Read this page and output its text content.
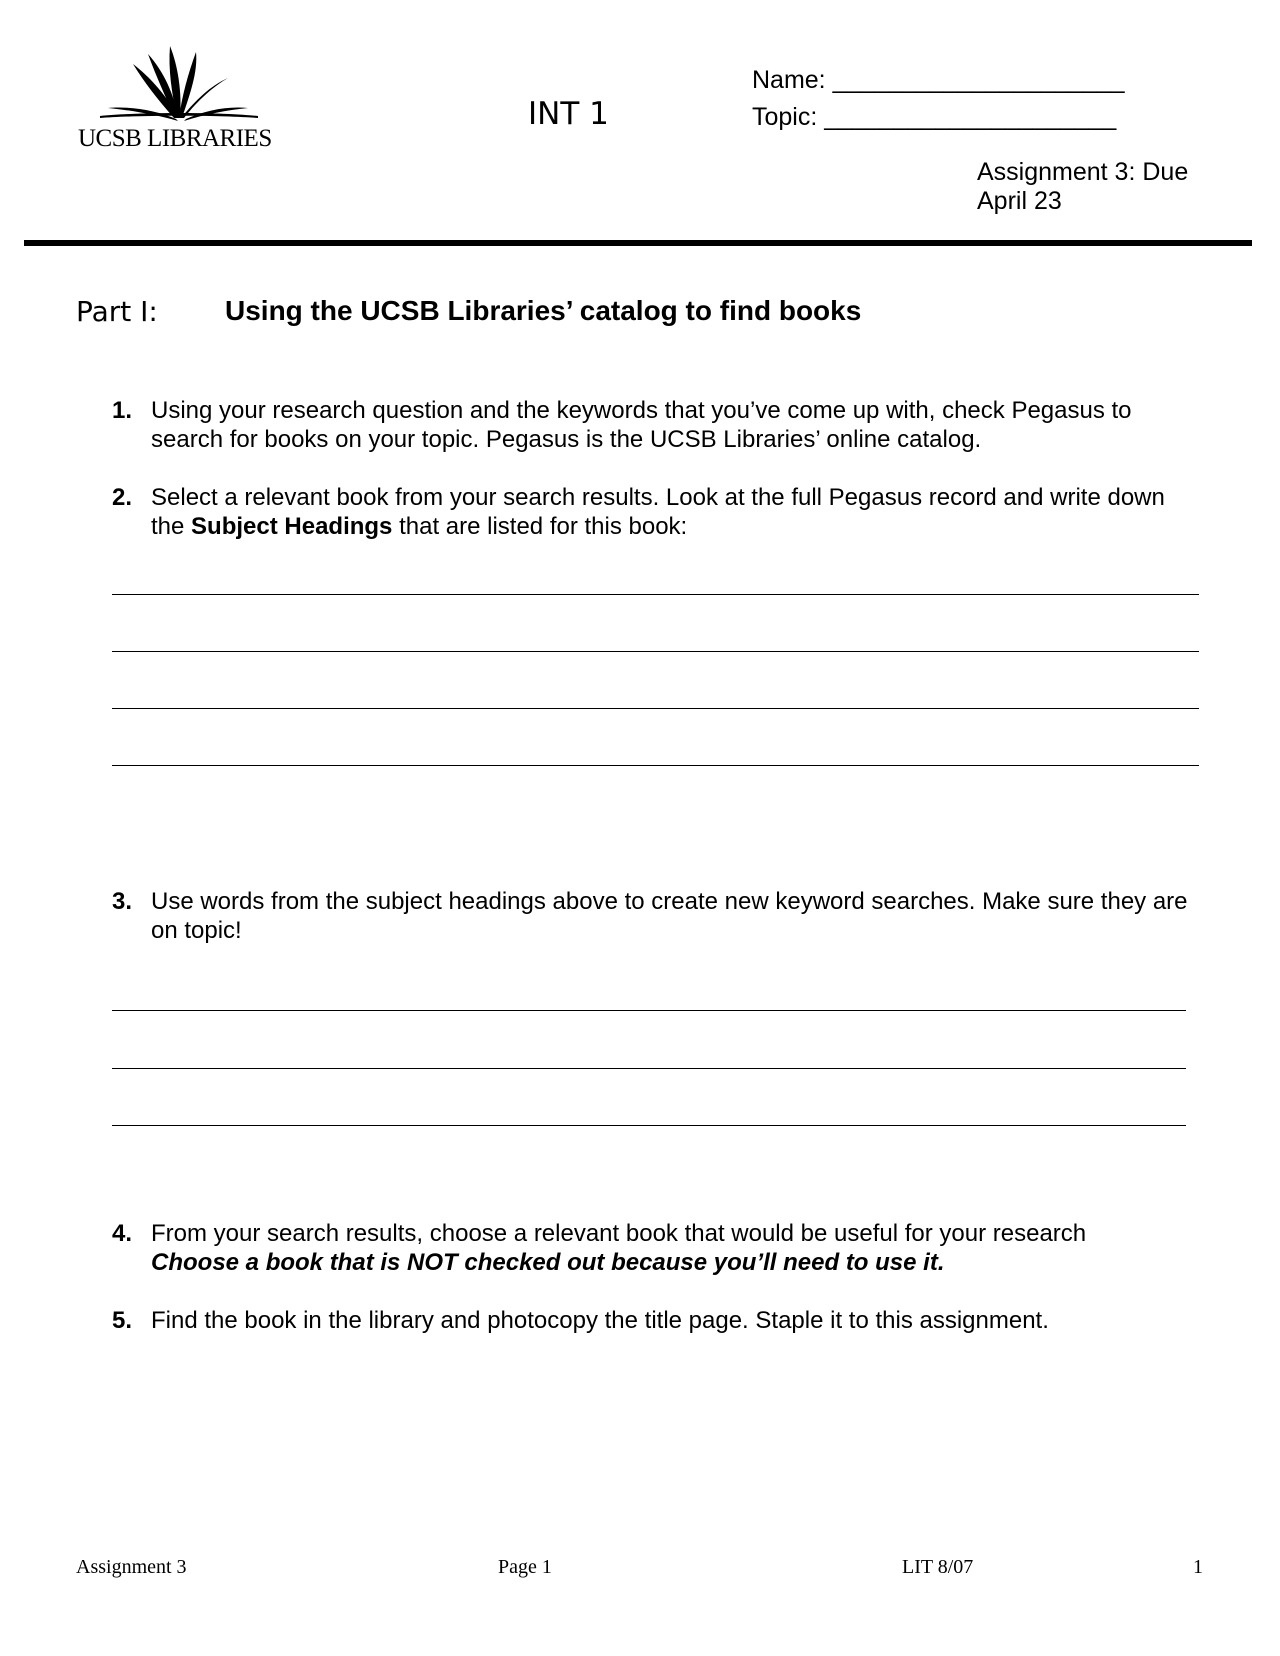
UCSB LIBRARIES
INT 1
Name: _____________________
Topic: _____________________
Assignment 3: Due
April 23
Part I: Using the UCSB Libraries’ catalog to find books
1. Using your research question and the keywords that you’ve come up with, check Pegasus to search for books on your topic. Pegasus is the UCSB Libraries’ online catalog.
2. Select a relevant book from your search results. Look at the full Pegasus record and write down the Subject Headings that are listed for this book:
3. Use words from the subject headings above to create new keyword searches. Make sure they are on topic!
4. From your search results, choose a relevant book that would be useful for your research
Choose a book that is NOT checked out because you’ll need to use it.
5. Find the book in the library and photocopy the title page. Staple it to this assignment.
Assignment 3	Page 1	LIT 8/07	1
